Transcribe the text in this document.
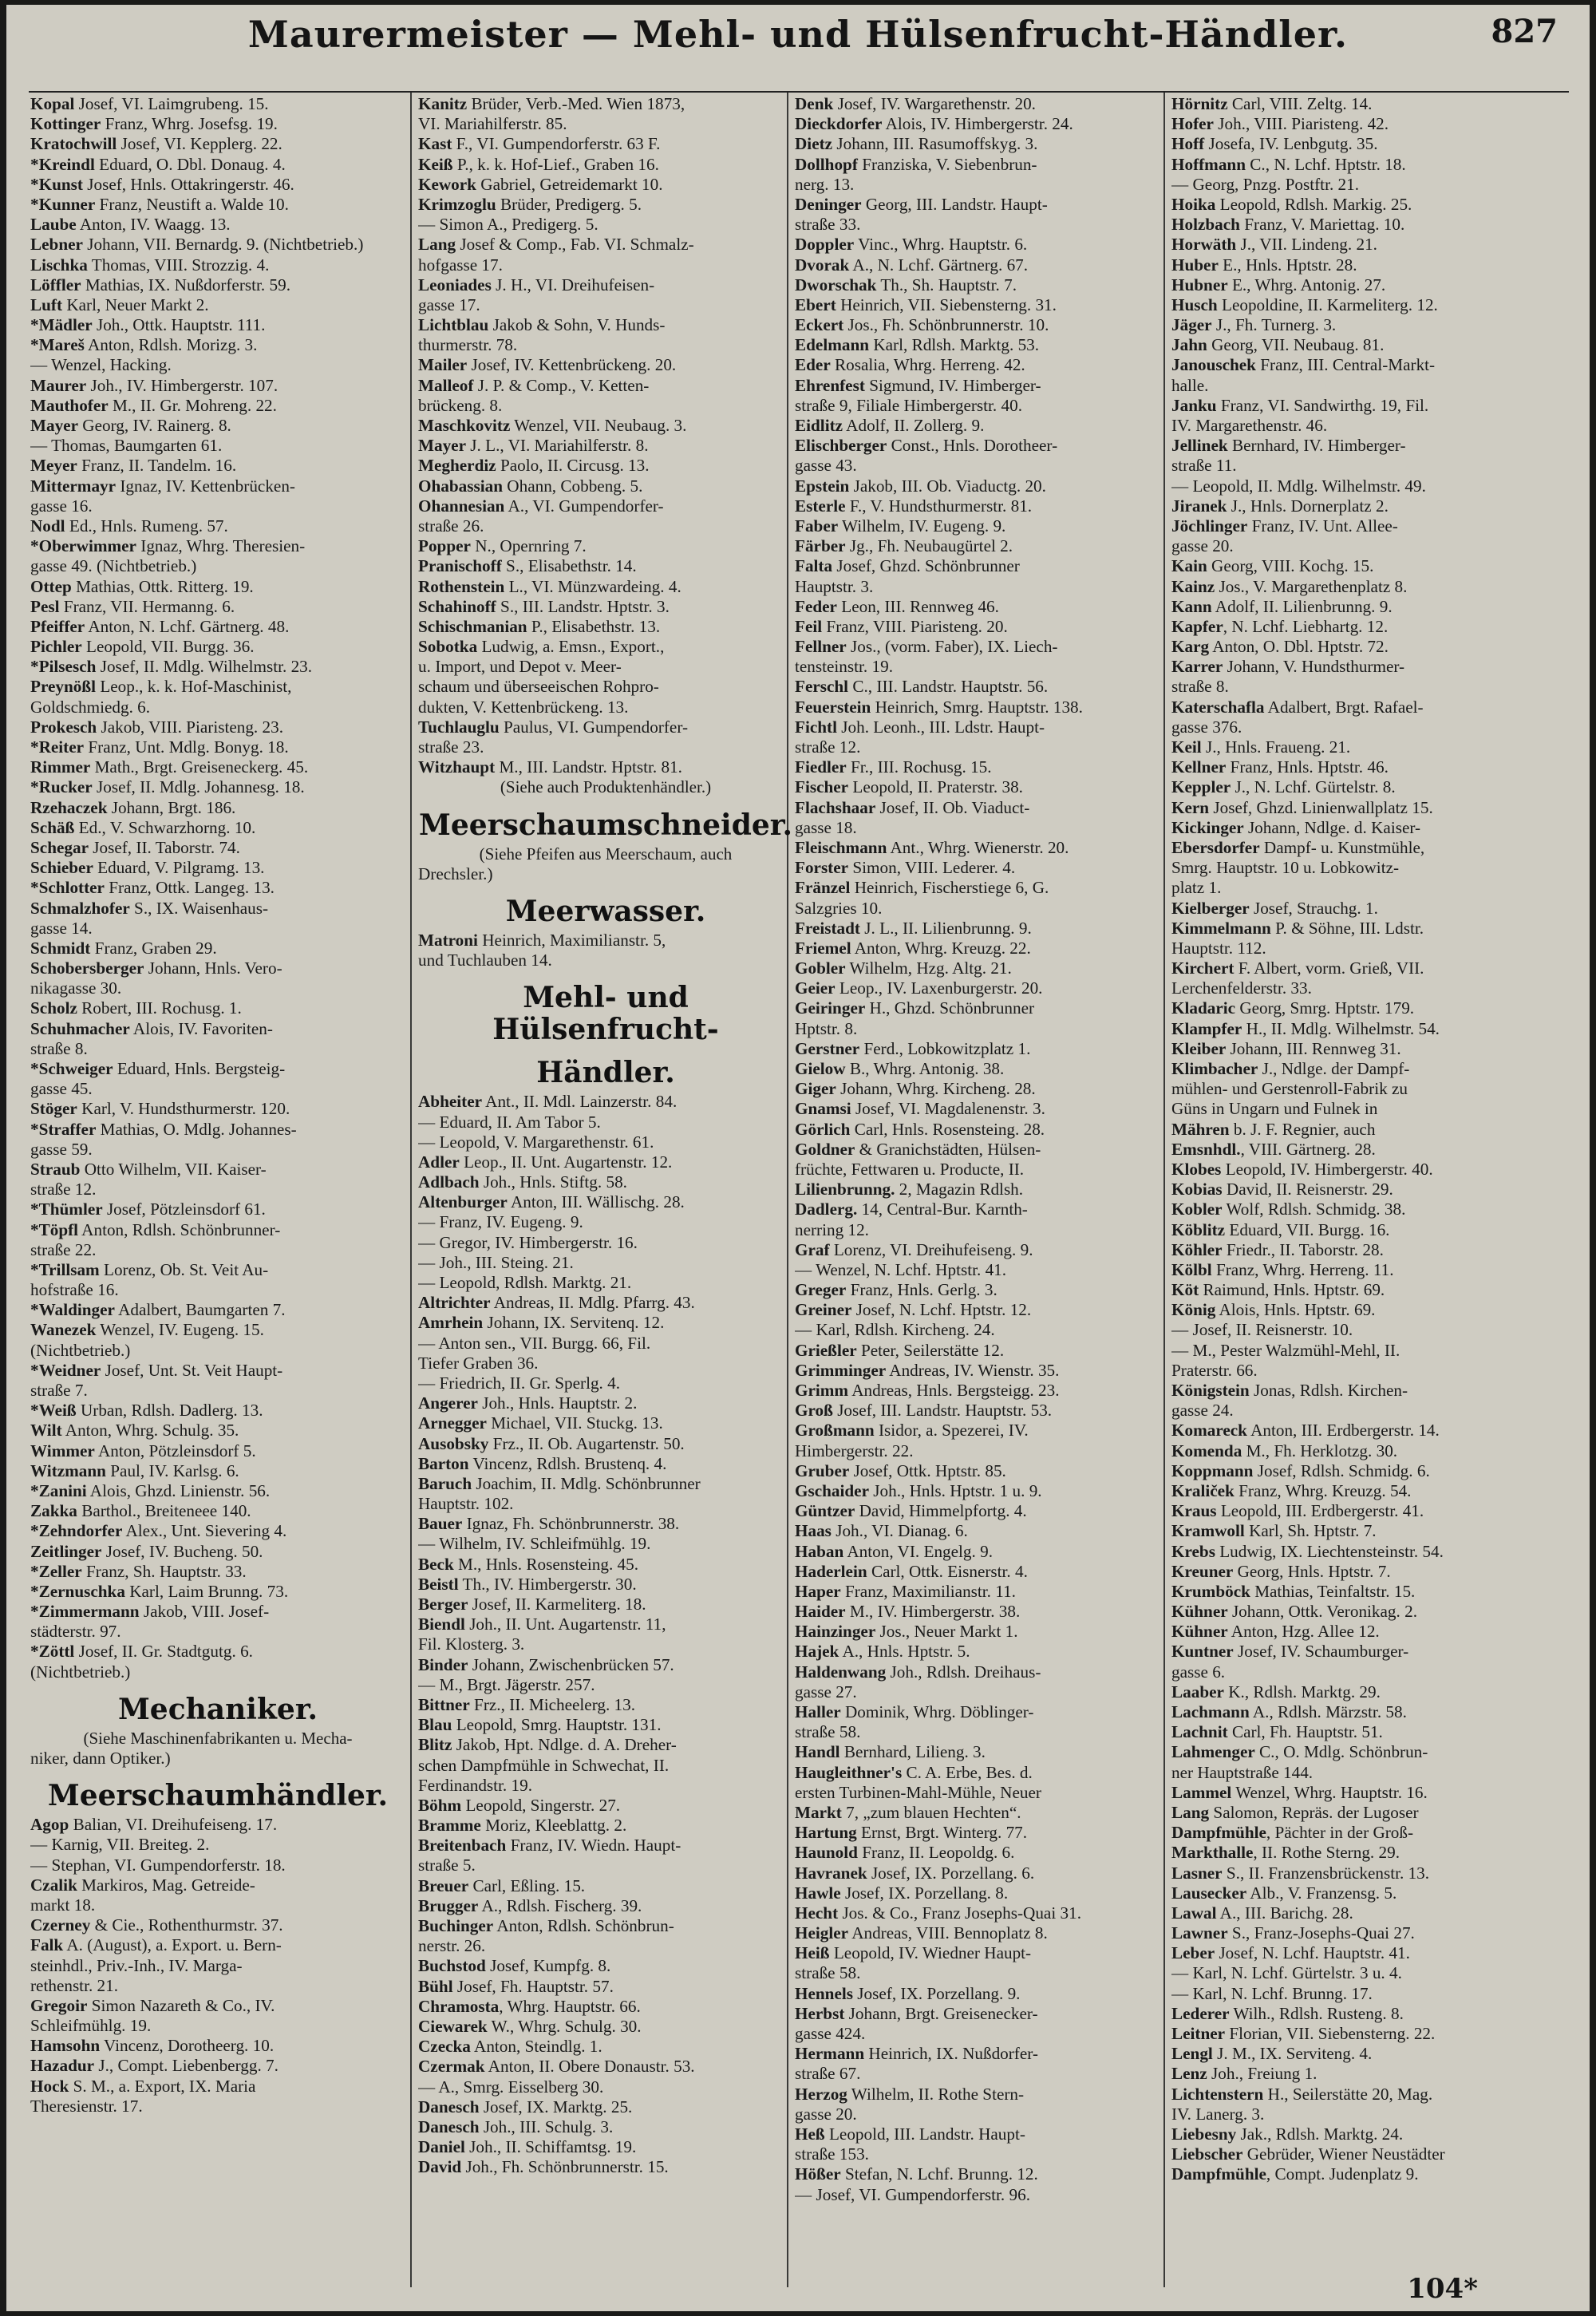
Maurermeister — Mehl- und Hülsenfrucht-Händler.	827
Kopal Josef, VI. Laimgrubeng. 15.
Kottinger Franz, Whrg. Josefsg. 19.
Kratochwill Josef, VI. Kepplerg. 22.
*Kreindl Eduard, O. Dbl. Donaug. 4.
*Kunst Josef, Hnls. Ottakringerstr. 46.
*Kunner Franz, Neustift a. Walde 10.
Laube Anton, IV. Waagg. 13.
Lebner Johann, VII. Bernardg. 9. (Nichtbetrieb.)
Lischka Thomas, VIII. Strozzig. 4.
Löffler Mathias, IX. Nußdorferstr. 59.
Luft Karl, Neuer Markt 2.
*Mädler Joh., Ottk. Hauptstr. 111.
*Mareš Anton, Rdlsh. Morizg. 3.
— Wenzel, Hacking.
Maurer Joh., IV. Himbergerstr. 107.
Mauthofer M., II. Gr. Mohreng. 22.
Mayer Georg, IV. Rainerg. 8.
— Thomas, Baumgarten 61.
Meyer Franz, II. Tandelm. 16.
Mittermayr Ignaz, IV. Kettenbrücken-
gasse 16.
Nodl Ed., Hnls. Rumeng. 57.
*Oberwimmer Ignaz, Whrg. Theresien-
gasse 49. (Nichtbetrieb.)
Ottep Mathias, Ottk. Ritterg. 19.
Pesl Franz, VII. Hermanng. 6.
Pfeiffer Anton, N. Lchf. Gärtnerg. 48.
Pichler Leopold, VII. Burgg. 36.
*Pilsesch Josef, II. Mdlg. Wilhelmstr. 23.
Preynößl Leop., k. k. Hof-Maschinist,
Goldschmiedg. 6.
Prokesch Jakob, VIII. Piaristeng. 23.
*Reiter Franz, Unt. Mdlg. Bonyg. 18.
Rimmer Math., Brgt. Greiseneckerg. 45.
*Rucker Josef, II. Mdlg. Johannesg. 18.
Rzehaczek Johann, Brgt. 186.
Schäß Ed., V. Schwarzhorng. 10.
Schegar Josef, II. Taborstr. 74.
Schieber Eduard, V. Pilgramg. 13.
*Schlotter Franz, Ottk. Langeg. 13.
Schmalzhofer S., IX. Waisenhaus-
gasse 14.
Schmidt Franz, Graben 29.
Schobersberger Johann, Hnls. Vero-
nikagasse 30.
Scholz Robert, III. Rochusg. 1.
Schuhmacher Alois, IV. Favoriten-
straße 8.
*Schweiger Eduard, Hnls. Bergsteig-
gasse 45.
Stöger Karl, V. Hundsthurmerstr. 120.
*Straffer Mathias, O. Mdlg. Johannes-
gasse 59.
Straub Otto Wilhelm, VII. Kaiser-
straße 12.
*Thümler Josef, Pötzleinsdorf 61.
*Töpfl Anton, Rdlsh. Schönbrunner-
straße 22.
*Trillsam Lorenz, Ob. St. Veit Au-
hofstraße 16.
*Waldinger Adalbert, Baumgarten 7.
Wanezek Wenzel, IV. Eugeng. 15.
(Nichtbetrieb.)
*Weidner Josef, Unt. St. Veit Haupt-
straße 7.
*Weiß Urban, Rdlsh. Dadlerg. 13.
Wilt Anton, Whrg. Schulg. 35.
Wimmer Anton, Pötzleinsdorf 5.
Witzmann Paul, IV. Karlsg. 6.
*Zanini Alois, Ghzd. Linienstr. 56.
Zakka Barthol., Breiteneee 140.
*Zehndorfer Alex., Unt. Sievering 4.
Zeitlinger Josef, IV. Bucheng. 50.
*Zeller Franz, Sh. Hauptstr. 33.
*Zernuschka Karl, Laim Brunng. 73.
*Zimmermann Jakob, VIII. Josef-
städterstr. 97.
*Zöttl Josef, II. Gr. Stadtgutg. 6.
(Nichtbetrieb.)
Mechaniker.
(Siehe Maschinenfabrikanten u. Mecha-
niker, dann Optiker.)
Meerschaumhändler.
Agop Balian, VI. Dreihufeiseng. 17.
— Karnig, VII. Breiteg. 2.
— Stephan, VI. Gumpendorferstr. 18.
Czalik Markiros, Mag. Getreide-
markt 18.
Czerney & Cie., Rothenthurmstr. 37.
Falk A. (August), a. Export. u. Bern-
steinhdl., Priv.-Inh., IV. Marga-
rethenstr. 21.
Gregoir Simon Nazareth & Co., IV.
Schleifmühlg. 19.
Hamsohn Vincenz, Dorotheerg. 10.
Hazadur J., Compt. Liebenbergg. 7.
Hock S. M., a. Export, IX. Maria
Theresienstr. 17.
Kanitz Brüder, Verb.-Med. Wien 1873,
VI. Mariahilferstr. 85.
Kast F., VI. Gumpendorferstr. 63 F.
Keiß P., k. k. Hof-Lief., Graben 16.
Kework Gabriel, Getreidemarkt 10.
Krimzoglu Brüder, Predigerg. 5.
— Simon A., Predigerg. 5.
Lang Josef & Comp., Fab. VI. Schmalz-
hofgasse 17.
Leoniades J. H., VI. Dreihufeisen-
gasse 17.
Lichtblau Jakob & Sohn, V. Hunds-
thurmerstr. 78.
Mailer Josef, IV. Kettenbrückeng. 20.
Malleof J. P. & Comp., V. Ketten-
brückeng. 8.
Maschkovitz Wenzel, VII. Neubaug. 3.
Mayer J. L., VI. Mariahilferstr. 8.
Megherdiz Paolo, II. Circusg. 13.
Ohabassian Ohann, Cobbeng. 5.
Ohannesian A., VI. Gumpendorfer-
straße 26.
Popper N., Opernring 7.
Pranischoff S., Elisabethstr. 14.
Rothenstein L., VI. Münzwardeing. 4.
Schahinoff S., III. Landstr. Hptstr. 3.
Schischmanian P., Elisabethstr. 13.
Sobotka Ludwig, a. Emsn., Export.,
u. Import, und Depot v. Meer-
schaum und überseeischen Rohpro-
dukten, V. Kettenbrückeng. 13.
Tuchlauglu Paulus, VI. Gumpendorfer-
straße 23.
Witzhaupt M., III. Landstr. Hptstr. 81.
(Siehe auch Produktenhändler.)
Meerschaumschneider.
(Siehe Pfeifen aus Meerschaum, auch
Drechsler.)
Meerwasser.
Matroni Heinrich, Maximilianstr. 5,
und Tuchlauben 14.
Mehl- und Hülsenfrucht-
Händler.
Abheiter Ant., II. Mdl. Lainzerstr. 84.
— Eduard, II. Am Tabor 5.
— Leopold, V. Margarethenstr. 61.
Adler Leop., II. Unt. Augartenstr. 12.
Adlbach Joh., Hnls. Stiftg. 58.
Altenburger Anton, III. Wällischg. 28.
— Franz, IV. Eugeng. 9.
— Gregor, IV. Himbergerstr. 16.
— Joh., III. Steing. 21.
— Leopold, Rdlsh. Marktg. 21.
Altrichter Andreas, II. Mdlg. Pfarrg. 43.
Amrhein Johann, IX. Servitenq. 12.
— Anton sen., VII. Burgg. 66, Fil.
Tiefer Graben 36.
— Friedrich, II. Gr. Sperlg. 4.
Angerer Joh., Hnls. Hauptstr. 2.
Arnegger Michael, VII. Stuckg. 13.
Ausobsky Frz., II. Ob. Augartenstr. 50.
Barton Vincenz, Rdlsh. Brustenq. 4.
Baruch Joachim, II. Mdlg. Schönbrunner
Hauptstr. 102.
Bauer Ignaz, Fh. Schönbrunnerstr. 38.
— Wilhelm, IV. Schleifmühlg. 19.
Beck M., Hnls. Rosensteing. 45.
Beistl Th., IV. Himbergerstr. 30.
Berger Josef, II. Karmeliterg. 18.
Biendl Joh., II. Unt. Augartenstr. 11,
Fil. Klosterg. 3.
Binder Johann, Zwischenbrücken 57.
— M., Brgt. Jägerstr. 257.
Bittner Frz., II. Micheelerg. 13.
Blau Leopold, Smrg. Hauptstr. 131.
Blitz Jakob, Hpt. Ndlge. d. A. Dreher-
schen Dampfmühle in Schwechat, II.
Ferdinandstr. 19.
Böhm Leopold, Singerstr. 27.
Bramme Moriz, Kleeblattg. 2.
Breitenbach Franz, IV. Wiedn. Haupt-
straße 5.
Breuer Carl, Eßling. 15.
Brugger A., Rdlsh. Fischerg. 39.
Buchinger Anton, Rdlsh. Schönbrun-
nerstr. 26.
Buchstod Josef, Kumpfg. 8.
Bühl Josef, Fh. Hauptstr. 57.
Chramosta, Whrg. Hauptstr. 66.
Ciewarek W., Whrg. Schulg. 30.
Czecka Anton, Steindlg. 1.
Czermak Anton, II. Obere Donaustr. 53.
— A., Smrg. Eisselberg 30.
Danesch Josef, IX. Marktg. 25.
Danesch Joh., III. Schulg. 3.
Daniel Joh., II. Schiffamtsg. 19.
David Joh., Fh. Schönbrunnerstr. 15.
Denk Josef, IV. Wargarethenstr. 20.
Dieckdorfer Alois, IV. Himbergerstr. 24.
Dietz Johann, III. Rasumoffskyg. 3.
Dollhopf Franziska, V. Siebenbrun-
nerg. 13.
Deninger Georg, III. Landstr. Haupt-
straße 33.
Doppler Vinc., Whrg. Hauptstr. 6.
Dvorak A., N. Lchf. Gärtnerg. 67.
Dworschak Th., Sh. Hauptstr. 7.
Ebert Heinrich, VII. Siebensterng. 31.
Eckert Jos., Fh. Schönbrunnerstr. 10.
Edelmann Karl, Rdlsh. Marktg. 53.
Eder Rosalia, Whrg. Herreng. 42.
Ehrenfest Sigmund, IV. Himberger-
straße 9, Filiale Himbergerstr. 40.
Eidlitz Adolf, II. Zollerg. 9.
Elischberger Const., Hnls. Dorotheer-
gasse 43.
Epstein Jakob, III. Ob. Viaductg. 20.
Esterle F., V. Hundsthurmerstr. 81.
Faber Wilhelm, IV. Eugeng. 9.
Färber Jg., Fh. Neubaugürtel 2.
Falta Josef, Ghzd. Schönbrunner
Hauptstr. 3.
Feder Leon, III. Rennweg 46.
Feil Franz, VIII. Piaristeng. 20.
Fellner Jos., (vorm. Faber), IX. Liech-
tensteinstr. 19.
Ferschl C., III. Landstr. Hauptstr. 56.
Feuerstein Heinrich, Smrg. Hauptstr. 138.
Fichtl Joh. Leonh., III. Ldstr. Haupt-
straße 12.
Fiedler Fr., III. Rochusg. 15.
Fischer Leopold, II. Praterstr. 38.
Flachshaar Josef, II. Ob. Viaduct-
gasse 18.
Fleischmann Ant., Whrg. Wienerstr. 20.
Forster Simon, VIII. Lederer. 4.
Fränzel Heinrich, Fischerstiege 6, G.
Salzgries 10.
Freistadt J. L., II. Lilienbrunng. 9.
Friemel Anton, Whrg. Kreuzg. 22.
Gobler Wilhelm, Hzg. Altg. 21.
Geier Leop., IV. Laxenburgerstr. 20.
Geiringer H., Ghzd. Schönbrunner
Hptstr. 8.
Gerstner Ferd., Lobkowitzplatz 1.
Gielow B., Whrg. Antonig. 38.
Giger Johann, Whrg. Kircheng. 28.
Gnamsi Josef, VI. Magdalenenstr. 3.
Görlich Carl, Hnls. Rosensteing. 28.
Goldner & Granichstädten, Hülsen-
früchte, Fettwaren u. Producte, II.
Lilienbrunng. 2, Magazin Rdlsh.
Dadlerg. 14, Central-Bur. Karnth-
nerring 12.
Graf Lorenz, VI. Dreihufeiseng. 9.
— Wenzel, N. Lchf. Hptstr. 41.
Greger Franz, Hnls. Gerlg. 3.
Greiner Josef, N. Lchf. Hptstr. 12.
— Karl, Rdlsh. Kircheng. 24.
Grießler Peter, Seilerstätte 12.
Grimminger Andreas, IV. Wienstr. 35.
Grimm Andreas, Hnls. Bergsteigg. 23.
Groß Josef, III. Landstr. Hauptstr. 53.
Großmann Isidor, a. Spezerei, IV.
Himbergerstr. 22.
Gruber Josef, Ottk. Hptstr. 85.
Gschaider Joh., Hnls. Hptstr. 1 u. 9.
Güntzer David, Himmelpfortg. 4.
Haas Joh., VI. Dianag. 6.
Haban Anton, VI. Engelg. 9.
Haderlein Carl, Ottk. Eisnerstr. 4.
Haper Franz, Maximilianstr. 11.
Haider M., IV. Himbergerstr. 38.
Hainzinger Jos., Neuer Markt 1.
Hajek A., Hnls. Hptstr. 5.
Haldenwang Joh., Rdlsh. Dreihaus-
gasse 27.
Haller Dominik, Whrg. Döblinger-
straße 58.
Handl Bernhard, Lilieng. 3.
Haugleithner's C. A. Erbe, Bes. d.
ersten Turbinen-Mahl-Mühle, Neuer
Markt 7, „zum blauen Hechten“.
Hartung Ernst, Brgt. Winterg. 77.
Haunold Franz, II. Leopoldg. 6.
Havranek Josef, IX. Porzellang. 6.
Hawle Josef, IX. Porzellang. 8.
Hecht Jos. & Co., Franz Josephs-Quai 31.
Heigler Andreas, VIII. Bennoplatz 8.
Heiß Leopold, IV. Wiedner Haupt-
straße 58.
Hennels Josef, IX. Porzellang. 9.
Herbst Johann, Brgt. Greisenecker-
gasse 424.
Hermann Heinrich, IX. Nußdorfer-
straße 67.
Herzog Wilhelm, II. Rothe Stern-
gasse 20.
Heß Leopold, III. Landstr. Haupt-
straße 153.
Hößer Stefan, N. Lchf. Brunng. 12.
— Josef, VI. Gumpendorferstr. 96.
Hörnitz Carl, VIII. Zeltg. 14.
Hofer Joh., VIII. Piaristeng. 42.
Hoff Josefa, IV. Lenbgutg. 35.
Hoffmann C., N. Lchf. Hptstr. 18.
— Georg, Pnzg. Postftr. 21.
Hoika Leopold, Rdlsh. Markig. 25.
Holzbach Franz, V. Mariettag. 10.
Horwäth J., VII. Lindeng. 21.
Huber E., Hnls. Hptstr. 28.
Hubner E., Whrg. Antonig. 27.
Husch Leopoldine, II. Karmeliterg. 12.
Jäger J., Fh. Turnerg. 3.
Jahn Georg, VII. Neubaug. 81.
Janouschek Franz, III. Central-Markt-
halle.
Janku Franz, VI. Sandwirthg. 19, Fil.
IV. Margarethenstr. 46.
Jellinek Bernhard, IV. Himberger-
straße 11.
— Leopold, II. Mdlg. Wilhelmstr. 49.
Jiranek J., Hnls. Dornerplatz 2.
Jöchlinger Franz, IV. Unt. Allee-
gasse 20.
Kain Georg, VIII. Kochg. 15.
Kainz Jos., V. Margarethenplatz 8.
Kann Adolf, II. Lilienbrunng. 9.
Kapfer, N. Lchf. Liebhartg. 12.
Karg Anton, O. Dbl. Hptstr. 72.
Karrer Johann, V. Hundsthurmer-
straße 8.
Katerschafla Adalbert, Brgt. Rafael-
gasse 376.
Keil J., Hnls. Fraueng. 21.
Kellner Franz, Hnls. Hptstr. 46.
Keppler J., N. Lchf. Gürtelstr. 8.
Kern Josef, Ghzd. Linienwallplatz 15.
Kickinger Johann, Ndlge. d. Kaiser-
Ebersdorfer Dampf- u. Kunstmühle,
Smrg. Hauptstr. 10 u. Lobkowitz-
platz 1.
Kielberger Josef, Strauchg. 1.
Kimmelmann P. & Söhne, III. Ldstr.
Hauptstr. 112.
Kirchert F. Albert, vorm. Grieß, VII.
Lerchenfelderstr. 33.
Kladaric Georg, Smrg. Hptstr. 179.
Klampfer H., II. Mdlg. Wilhelmstr. 54.
Kleiber Johann, III. Rennweg 31.
Klimbacher J., Ndlge. der Dampf-
mühlen- und Gerstenroll-Fabrik zu
Güns in Ungarn und Fulnek in
Mähren b. J. F. Regnier, auch
Emsnhdl., VIII. Gärtnerg. 28.
Klobes Leopold, IV. Himbergerstr. 40.
Kobias David, II. Reisnerstr. 29.
Kobler Wolf, Rdlsh. Schmidg. 38.
Köblitz Eduard, VII. Burgg. 16.
Köhler Friedr., II. Taborstr. 28.
Kölbl Franz, Whrg. Herreng. 11.
Köt Raimund, Hnls. Hptstr. 69.
König Alois, Hnls. Hptstr. 69.
— Josef, II. Reisnerstr. 10.
— M., Pester Walzmühl-Mehl, II.
Praterstr. 66.
Königstein Jonas, Rdlsh. Kirchen-
gasse 24.
Komareck Anton, III. Erdbergerstr. 14.
Komenda M., Fh. Herklotzg. 30.
Koppmann Josef, Rdlsh. Schmidg. 6.
Kraliček Franz, Whrg. Kreuzg. 54.
Kraus Leopold, III. Erdbergerstr. 41.
Kramwoll Karl, Sh. Hptstr. 7.
Krebs Ludwig, IX. Liechtensteinstr. 54.
Kreuner Georg, Hnls. Hptstr. 7.
Krumböck Mathias, Teinfaltstr. 15.
Kühner Johann, Ottk. Veronikag. 2.
Kühner Anton, Hzg. Allee 12.
Kuntner Josef, IV. Schaumburger-
gasse 6.
Laaber K., Rdlsh. Marktg. 29.
Lachmann A., Rdlsh. Märzstr. 58.
Lachnit Carl, Fh. Hauptstr. 51.
Lahmenger C., O. Mdlg. Schönbrun-
ner Hauptstraße 144.
Lammel Wenzel, Whrg. Hauptstr. 16.
Lang Salomon, Repräs. der Lugoser
Dampfmühle, Pächter in der Groß-
Markthalle, II. Rothe Sterng. 29.
Lasner S., II. Franzensbrückenstr. 13.
Lausecker Alb., V. Franzensg. 5.
Lawal A., III. Barichg. 28.
Lawner S., Franz-Josephs-Quai 27.
Leber Josef, N. Lchf. Hauptstr. 41.
— Karl, N. Lchf. Gürtelstr. 3 u. 4.
— Karl, N. Lchf. Brunng. 17.
Lederer Wilh., Rdlsh. Rusteng. 8.
Leitner Florian, VII. Siebensterng. 22.
Lengl J. M., IX. Serviteng. 4.
Lenz Joh., Freiung 1.
Lichtenstern H., Seilerstätte 20, Mag.
IV. Lanerg. 3.
Liebesny Jak., Rdlsh. Marktg. 24.
Liebscher Gebrüder, Wiener Neustädter
Dampfmühle, Compt. Judenplatz 9.
104*
